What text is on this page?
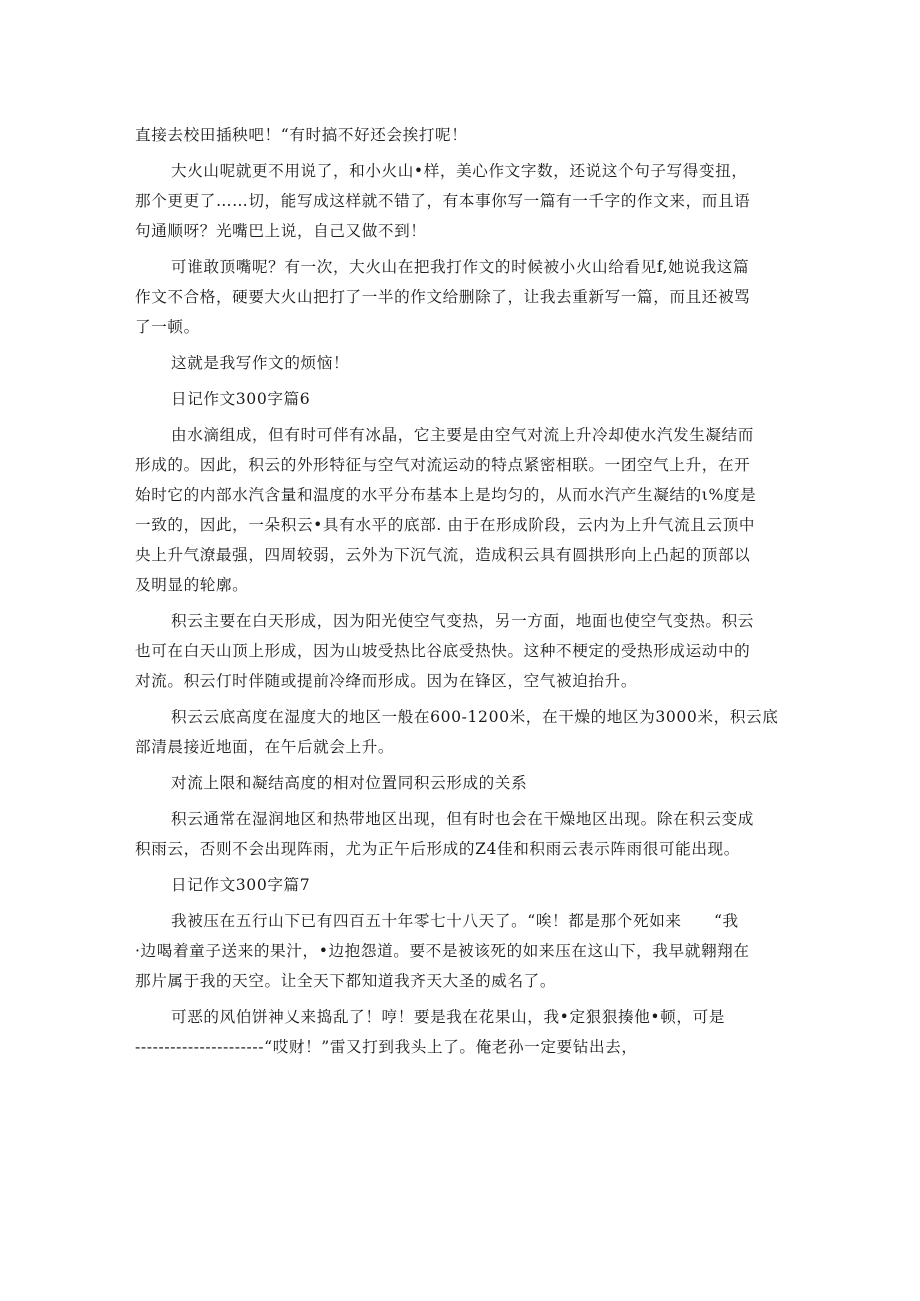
直接去校田插秧吧！“有时搞不好还会挨打呢！
大火山呢就更不用说了，和小火山•样，美心作文字数，还说这个句子写得变扭，
那个更更了……切，能写成这样就不错了，有本事你写一篇有一千字的作文来，而且语
句通顺呀？光嘴巴上说，自己又做不到！
可谁敢顶嘴呢？有一次，大火山在把我打作文的时候被小火山给看见f,她说我这篇
作文不合格，硬要大火山把打了一半的作文给删除了，让我去重新写一篇，而且还被骂
了一顿。
这就是我写作文的烦恼！
日记作文300字篇6
由水滴组成，但有时可伴有冰晶，它主要是由空气对流上升冷却使水汽发生凝结而
形成的。因此，积云的外形特征与空气对流运动的特点紧密相联。一团空气上升，在开
始时它的内部水汽含量和温度的水平分布基本上是均匀的，从而水汽产生凝结的ι%度是
一致的，因此，一朵积云•具有水平的底部. 由于在形成阶段，云内为上升气流且云顶中
央上升气潦最强，四周较弱，云外为下沉气流，造成积云具有圆拱形向上凸起的顶部以
及明显的轮廓。
积云主要在白天形成，因为阳光使空气变热，另一方面，地面也使空气变热。积云
也可在白天山顶上形成，因为山坡受热比谷底受热快。这种不梗定的受热形成运动中的
对流。积云仃时伴随或提前冷绛而形成。因为在锋区，空气被迫抬升。
积云云底高度在湿度大的地区一般在600-1200米，在干燥的地区为3000米，积云底
部清晨接近地面，在午后就会上升。
对流上限和凝结高度的相对位置同积云形成的关系
积云通常在湿润地区和热带地区出现，但有时也会在干燥地区出现。除在积云变成
积雨云，否则不会出现阵雨，尤为正午后形成的Z4佳和积雨云表示阵雨很可能出现。
日记作文300字篇7
我被压在五行山下已有四百五十年零七十八天了。“唉！都是那个死如来　　“我
·边喝着童子送来的果汁，•边抱怨道。要不是被该死的如来压在这山下，我早就翱翔在
那片属于我的天空。让全天下都知道我齐天大圣的威名了。
可恶的风伯饼神乂来捣乱了！哼！要是我在花果山，我•定狠狠揍他•顿，可是
----------------------“哎财！”雷又打到我头上了。俺老孙一定要钻出去，
